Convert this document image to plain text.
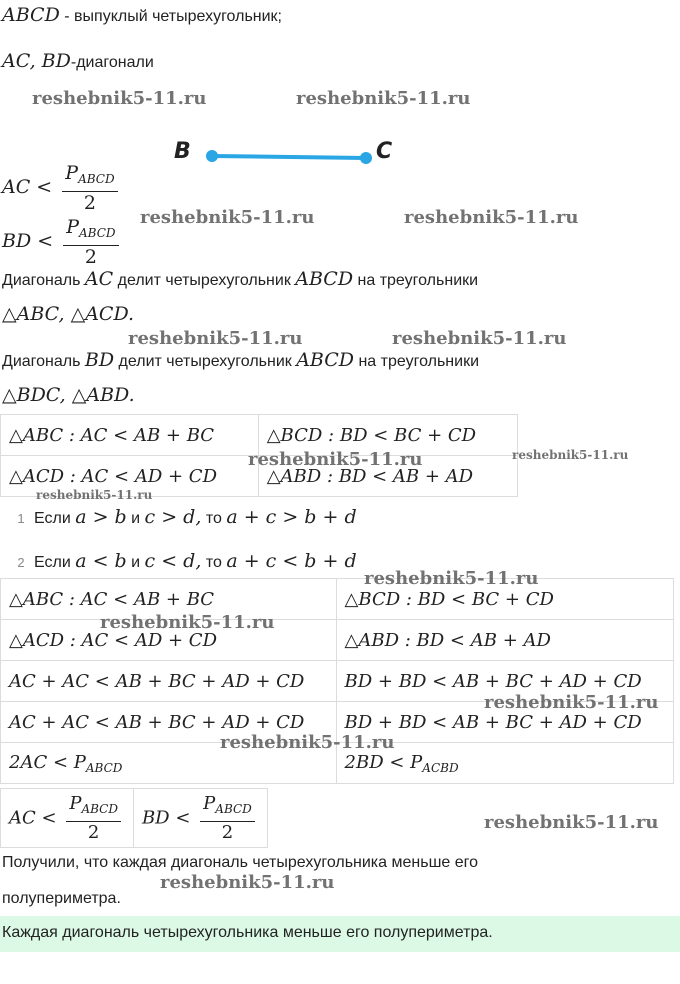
ABCD - выпуклый четырехугольник;
AC, BD-диагонали
B	C
AC < $\frac{P_{ABCD}}{2}$
BD < $\frac{P_{ABCD}}{2}$
Диагональ AC делит четырехугольник ABCD на треугольники
△ABC, △ACD.
Диагональ BD делит четырехугольник ABCD на треугольники
△BDC, △ABD.
△ABC : AC < AB + BC	△BCD : BD < BC + CD
△ACD : AC < AD + CD	△ABD : BD < AB + AD
1 Если a > b и c > d, то a + c > b + d
2 Если a < b и c < d, то a + c < b + d
△ABC : AC < AB + BC	△BCD : BD < BC + CD
△ACD : AC < AD + CD	△ABD : BD < AB + AD
AC + AC < AB + BC + AD + CD	BD + BD < AB + BC + AD + CD
AC + AC < AB + BC + AD + CD	BD + BD < AB + BC + AD + CD
$2AC < P_{ABCD}$	$2BD < P_{ACBD}$
AC < $\frac{P_{ABCD}}{2}$	BD < $\frac{P_{ABCD}}{2}$
Получили, что каждая диагональ четырехугольника меньше его
полупериметра.
Каждая диагональ четырехугольника меньше его полупериметра.
reshebnik5-11.ru	reshebnik5-11.ru
reshebnik5-11.ru	reshebnik5-11.ru
reshebnik5-11.ru	reshebnik5-11.ru
reshebnik5-11.ru	reshebnik5-11.ru
reshebnik5-11.ru
reshebnik5-11.ru
reshebnik5-11.ru
reshebnik5-11.ru
reshebnik5-11.ru
reshebnik5-11.ru
reshebnik5-11.ru
